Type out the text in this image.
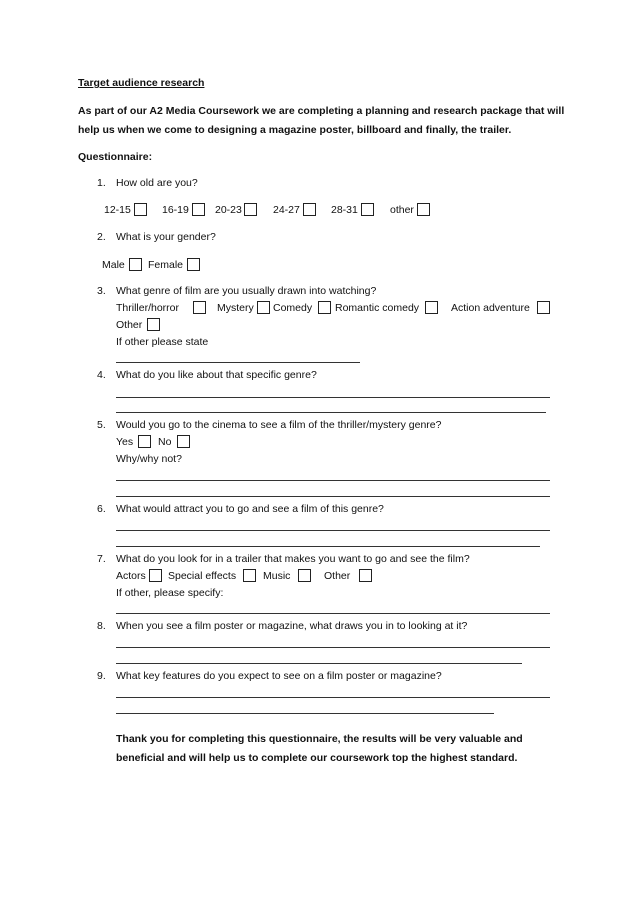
Target audience research
As part of our A2 Media Coursework we are completing a planning and research package that will
help us when we come to designing a magazine poster, billboard and finally, the trailer.
Questionnaire:
1. How old are you?
12-15	16-19 20-23	24-27	28-31	other
2. What is your gender?
Male Female
3. What genre of film are you usually drawn into watching?
Thriller/horror	Mystery Comedy Romantic comedy	Action adventure
Other
If other please state
4. What do you like about that specific genre?
5. Would you go to the cinema to see a film of the thriller/mystery genre?
Yes No
Why/why not?
6. What would attract you to go and see a film of this genre?
7. What do you look for in a trailer that makes you want to go and see the film?
Actors Special effects	Music	Other
If other, please specify:
8. When you see a film poster or magazine, what draws you in to looking at it?
9. What key features do you expect to see on a film poster or magazine?
Thank you for completing this questionnaire, the results will be very valuable and
beneficial and will help us to complete our coursework top the highest standard.
